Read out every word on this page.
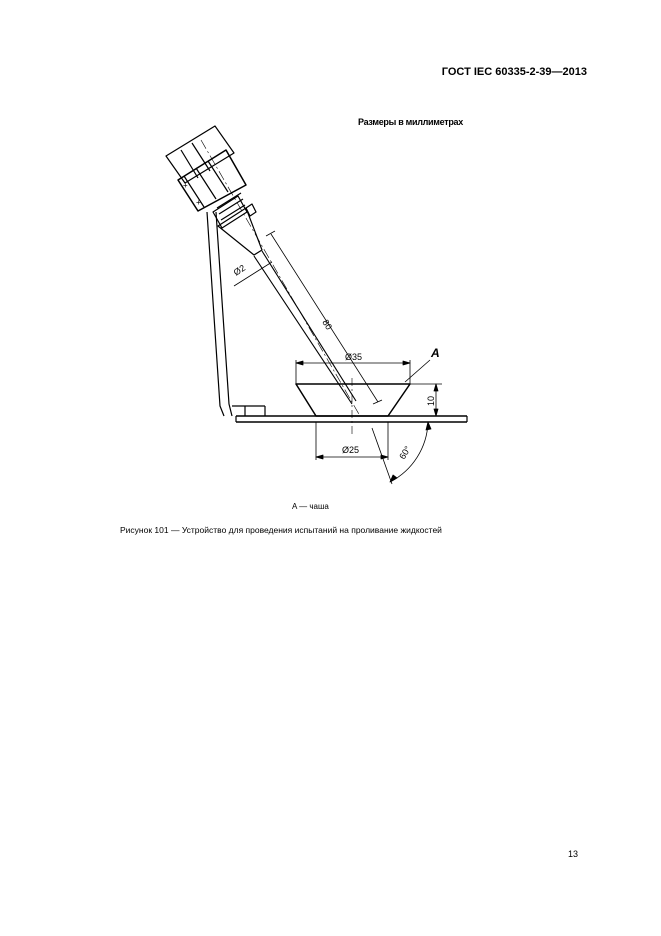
ГОСТ IEC 60335-2-39—2013
Размеры в миллиметрах
+
+
Ø2
80
Ø35
Ø25
10
60°
A
A — чаша
Рисунок 101 — Устройство для проведения испытаний на проливание жидкостей
13
